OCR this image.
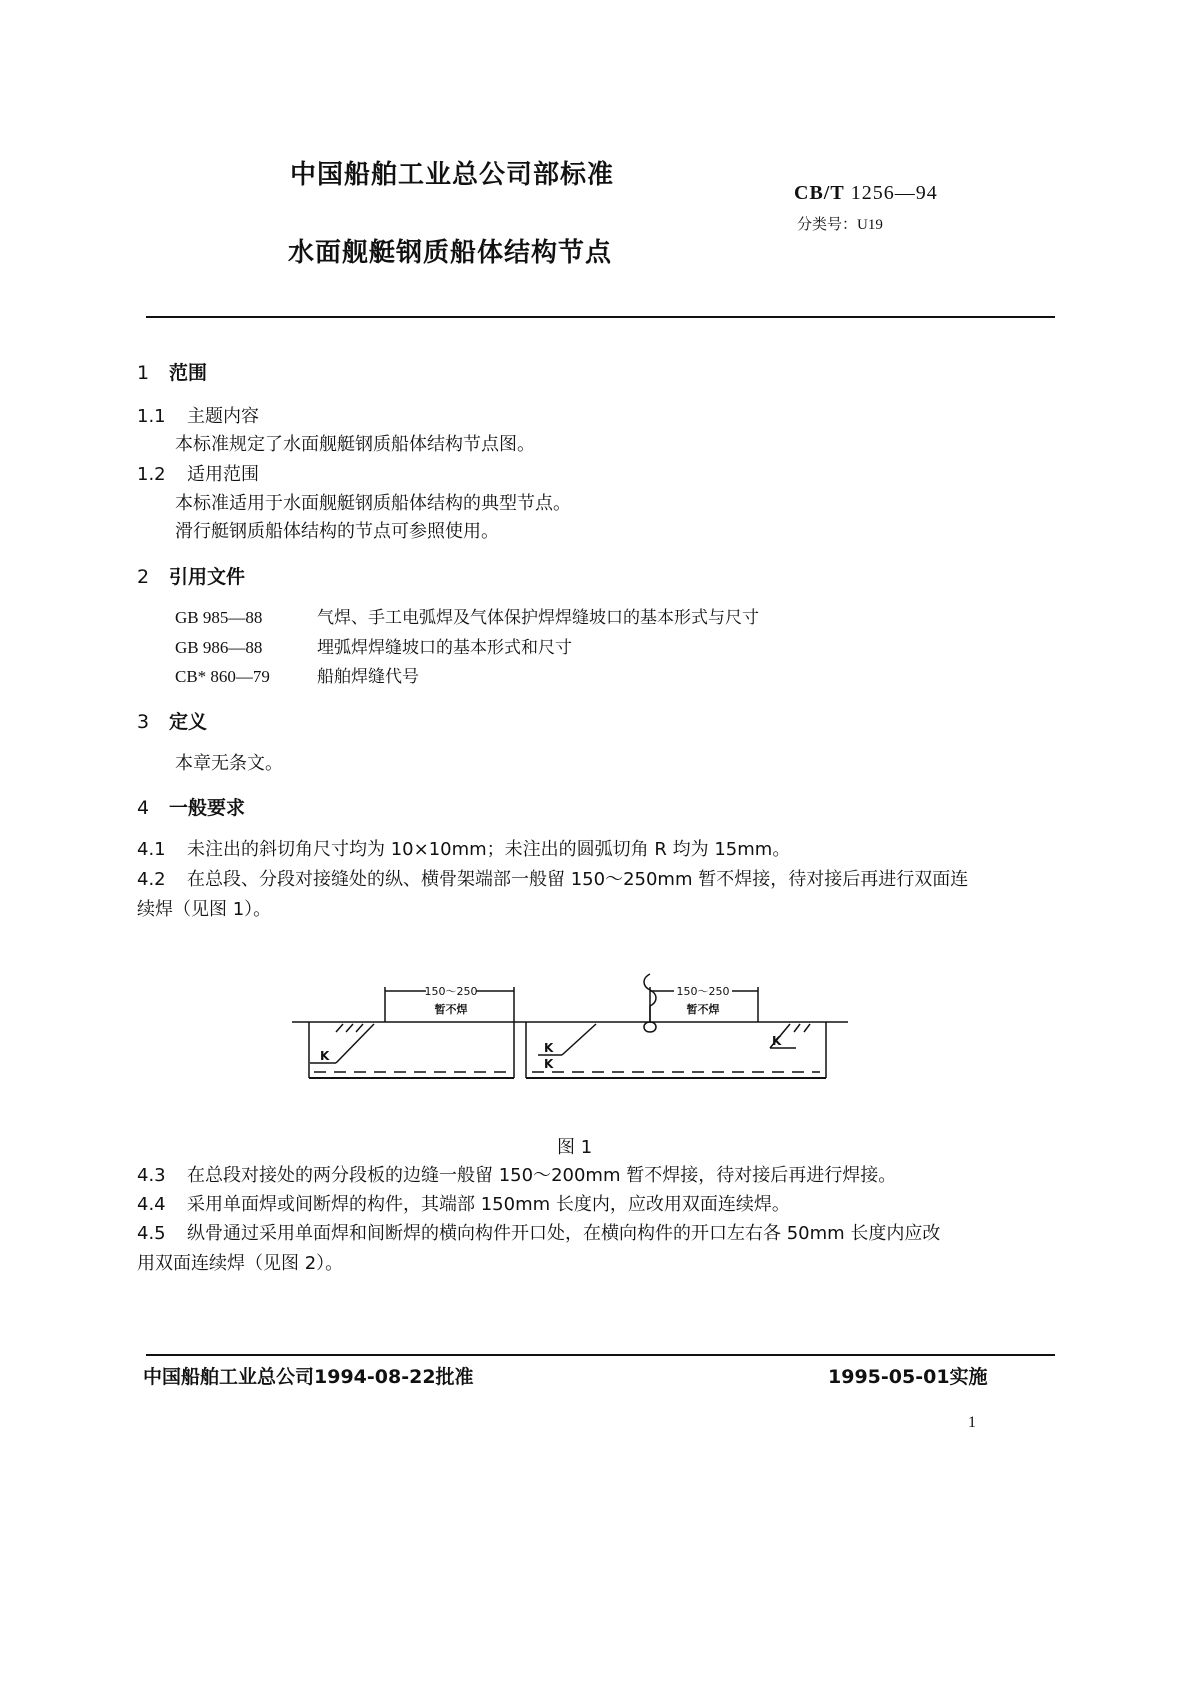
中国船舶工业总公司部标准
CB/T 1256—94
分类号：U19
水面舰艇钢质船体结构节点
1 范围
1.1 主题内容
本标准规定了水面舰艇钢质船体结构节点图。
1.2 适用范围
本标准适用于水面舰艇钢质船体结构的典型节点。
滑行艇钢质船体结构的节点可参照使用。
2 引用文件
GB 985—88	气焊、手工电弧焊及气体保护焊焊缝坡口的基本形式与尺寸
GB 986—88	埋弧焊焊缝坡口的基本形式和尺寸
CB* 860—79	船舶焊缝代号
3 定义
本章无条文。
4 一般要求
4.1 未注出的斜切角尺寸均为 10×10mm；未注出的圆弧切角 R 均为 15mm。
4.2 在总段、分段对接缝处的纵、横骨架端部一般留 150～250mm 暂不焊接，待对接后再进行双面连
续焊（见图 1）。
150～250
暂不焊
150～250
暂不焊
K
K
K
K
图 1
4.3 在总段对接处的两分段板的边缝一般留 150～200mm 暂不焊接，待对接后再进行焊接。
4.4 采用单面焊或间断焊的构件，其端部 150mm 长度内，应改用双面连续焊。
4.5 纵骨通过采用单面焊和间断焊的横向构件开口处，在横向构件的开口左右各 50mm 长度内应改
用双面连续焊（见图 2）。
中国船舶工业总公司1994-08-22批准	1995-05-01实施
1
